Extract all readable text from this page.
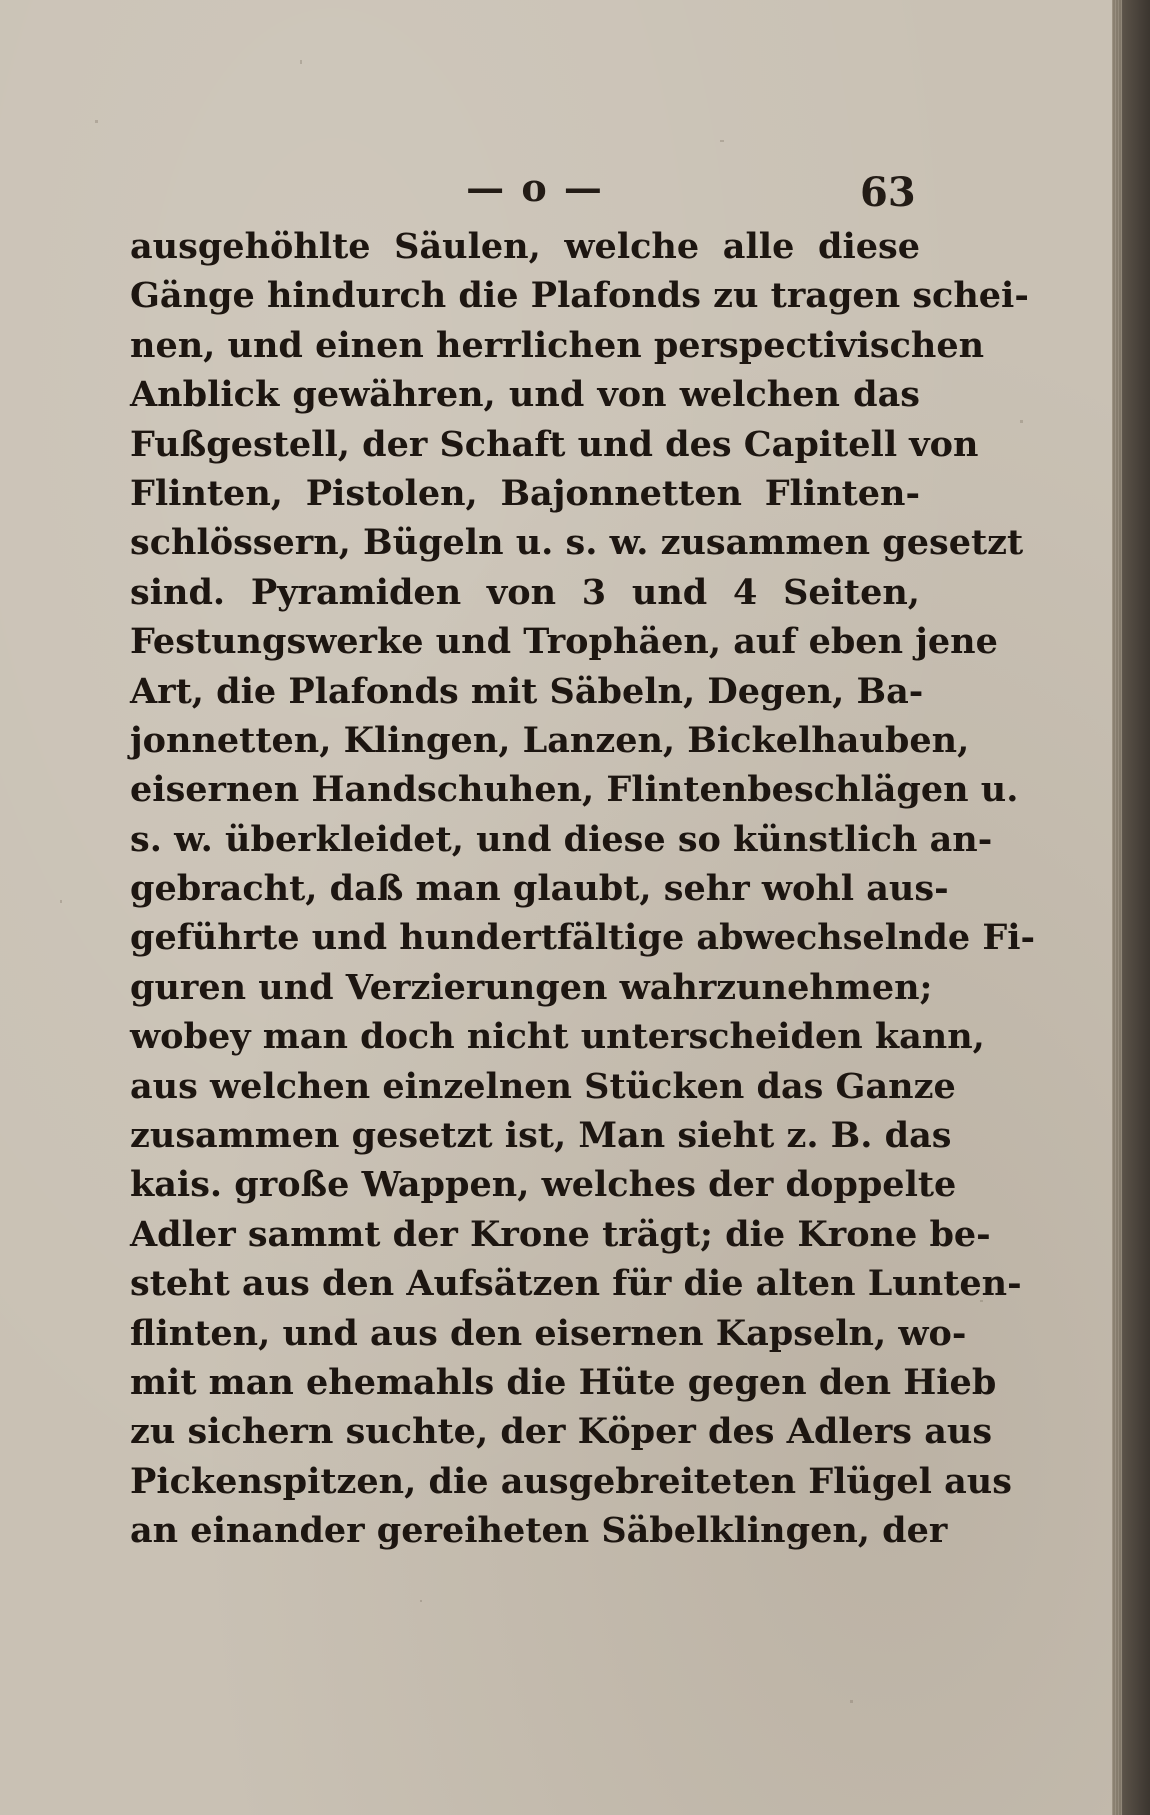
— o —	63
ausgehöhlte Säulen, welche alle diese
Gänge hindurch die Plafonds zu tragen schei-
nen, und einen herrlichen perspectivischen
Anblick gewähren, und von welchen das
Fußgestell, der Schaft und des Capitell von
Flinten, Pistolen, Bajonnetten Flinten-
schlössern, Bügeln u. s. w. zusammen gesetzt
sind. Pyramiden von 3 und 4 Seiten,
Festungswerke und Trophäen, auf eben jene
Art, die Plafonds mit Säbeln, Degen, Ba-
jonnetten, Klingen, Lanzen, Bickelhauben,
eisernen Handschuhen, Flintenbeschlägen u.
s. w. überkleidet, und diese so künstlich an-
gebracht, daß man glaubt, sehr wohl aus-
geführte und hundertfältige abwechselnde Fi-
guren und Verzierungen wahrzunehmen;
wobey man doch nicht unterscheiden kann,
aus welchen einzelnen Stücken das Ganze
zusammen gesetzt ist, Man sieht z. B. das
kais. große Wappen, welches der doppelte
Adler sammt der Krone trägt; die Krone be-
steht aus den Aufsätzen für die alten Lunten-
flinten, und aus den eisernen Kapseln, wo-
mit man ehemahls die Hüte gegen den Hieb
zu sichern suchte, der Köper des Adlers aus
Pickenspitzen, die ausgebreiteten Flügel aus
an einander gereiheten Säbelklingen, der
